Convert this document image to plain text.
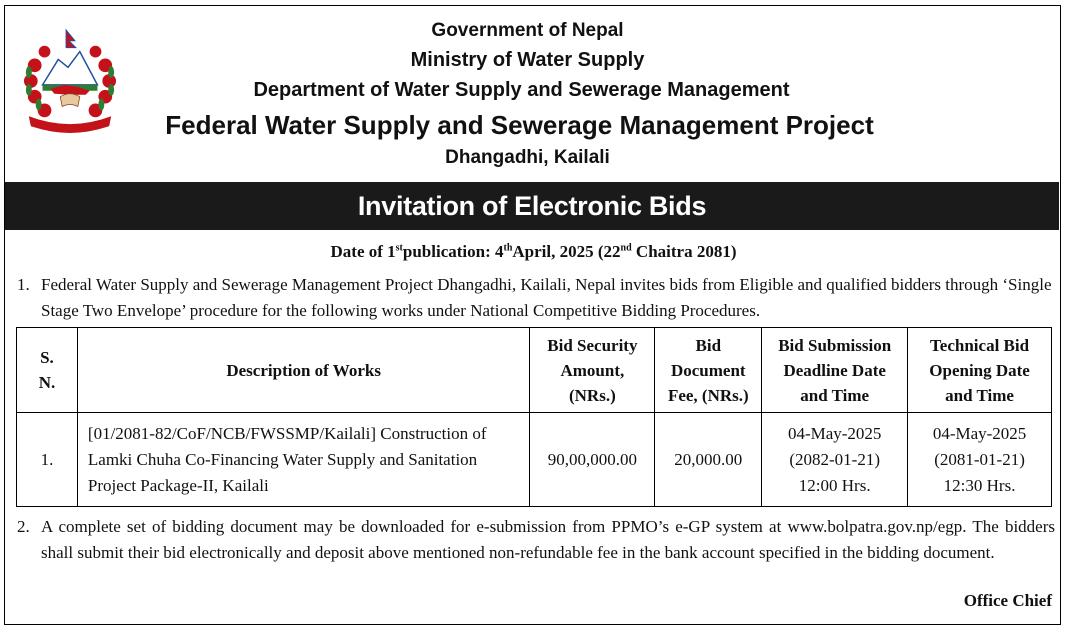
Government of Nepal
Ministry of Water Supply
Department of Water Supply and Sewerage Management
Federal Water Supply and Sewerage Management Project
Dhangadhi, Kailali
Invitation of Electronic Bids
Date of 1stpublication: 4thApril, 2025 (22nd Chaitra 2081)
1. Federal Water Supply and Sewerage Management Project Dhangadhi, Kailali, Nepal invites bids from Eligible and qualified bidders through ‘Single Stage Two Envelope’ procedure for the following works under National Competitive Bidding Procedures.
S.
N.	Description of Works	Bid Security
Amount,
(NRs.)	Bid
Document
Fee, (NRs.)	Bid Submission
Deadline Date
and Time	Technical Bid
Opening Date
and Time
1.	[01/2081-82/CoF/NCB/FWSSMP/Kailali] Construction of Lamki Chuha Co-Financing Water Supply and Sanitation Project Package-II, Kailali	90,00,000.00	20,000.00	04-May-2025
(2082-01-21)
12:00 Hrs.	04-May-2025
(2081-01-21)
12:30 Hrs.
2. A complete set of bidding document may be downloaded for e-submission from PPMO’s e-GP system at www.bolpatra.gov.np/egp. The bidders shall submit their bid electronically and deposit above mentioned non-refundable fee in the bank account specified in the bidding document.
Office Chief
